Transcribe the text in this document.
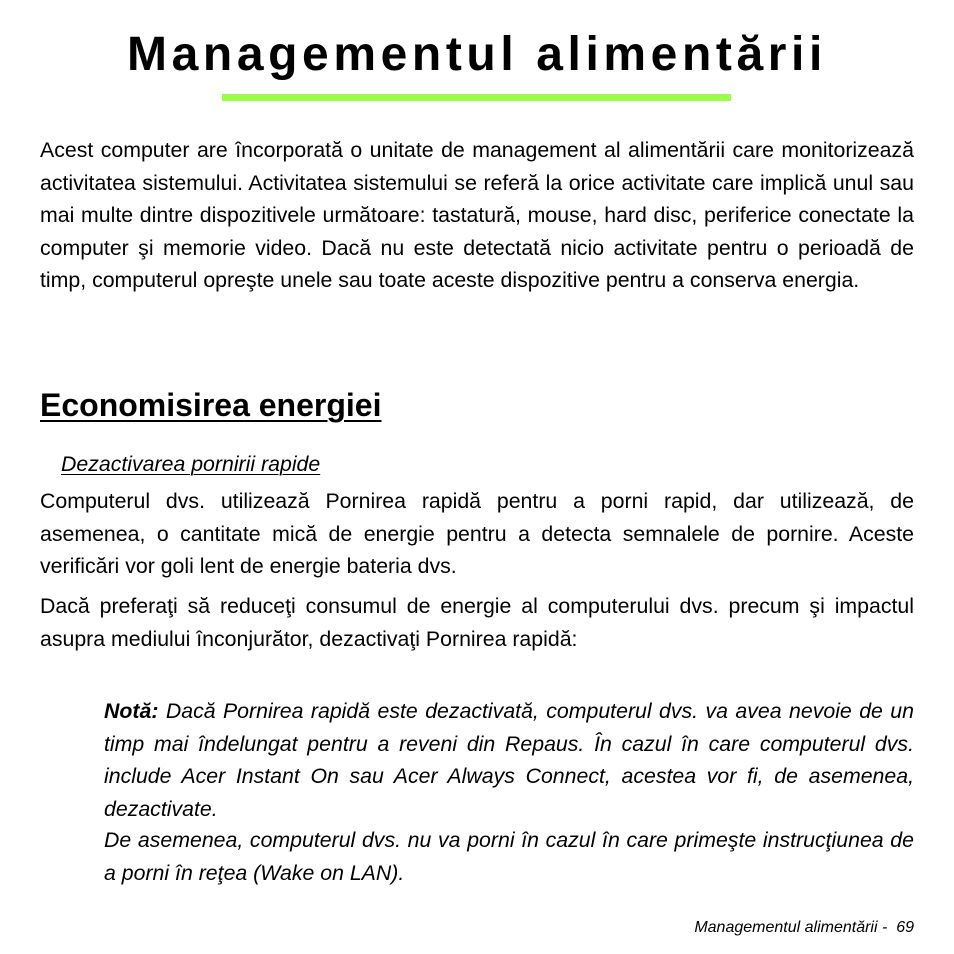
Managementul alimentării

Acest computer are încorporată o unitate de management al alimentării care monitorizează activitatea sistemului. Activitatea sistemului se referă la orice activitate care implică unul sau mai multe dintre dispozitivele următoare: tastatură, mouse, hard disc, periferice conectate la computer şi memorie video. Dacă nu este detectată nicio activitate pentru o perioadă de timp, computerul opreşte unele sau toate aceste dispozitive pentru a conserva energia.

Economisirea energiei
Dezactivarea pornirii rapide

Computerul dvs. utilizează Pornirea rapidă pentru a porni rapid, dar utilizează, de asemenea, o cantitate mică de energie pentru a detecta semnalele de pornire. Aceste verificări vor goli lent de energie bateria dvs.

Dacă preferaţi să reduceţi consumul de energie al computerului dvs. precum şi impactul asupra mediului înconjurător, dezactivaţi Pornirea rapidă:

Notă: Dacă Pornirea rapidă este dezactivată, computerul dvs. va avea nevoie de un timp mai îndelungat pentru a reveni din Repaus. În cazul în care computerul dvs. include Acer Instant On sau Acer Always Connect, acestea vor fi, de asemenea, dezactivate.

De asemenea, computerul dvs. nu va porni în cazul în care primeşte instrucţiunea de a porni în reţea (Wake on LAN).

Managementul alimentării - 69
